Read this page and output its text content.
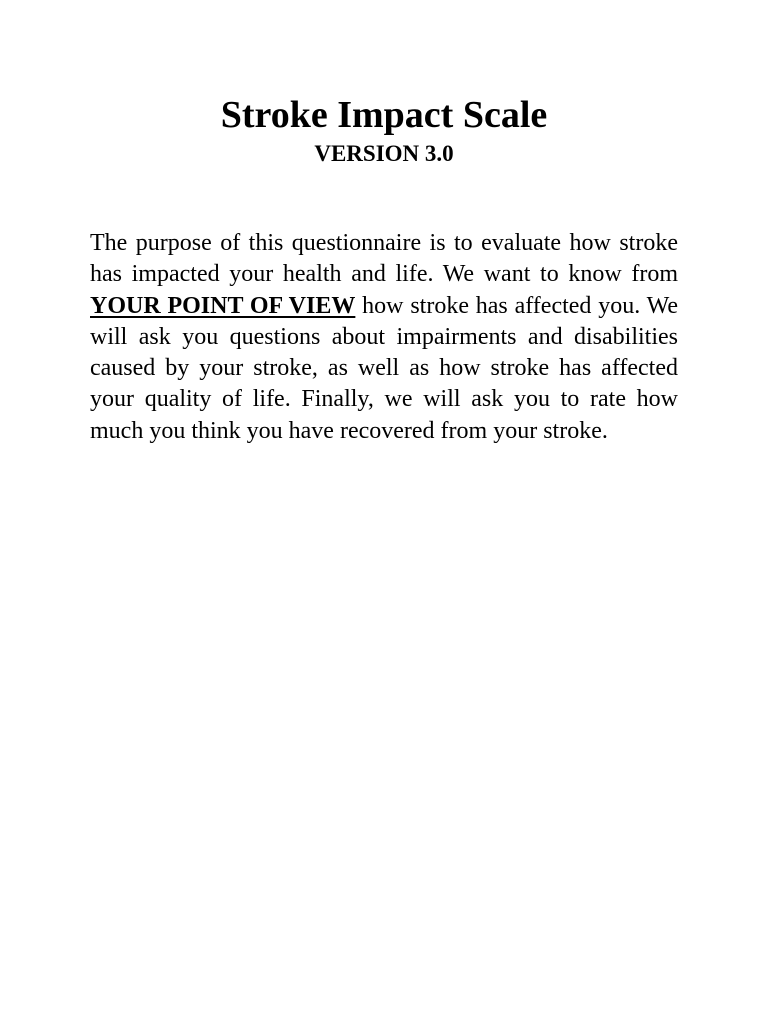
Stroke Impact Scale
VERSION 3.0

The purpose of this questionnaire is to evaluate how stroke has impacted your health and life. We want to know from YOUR POINT OF VIEW how stroke has affected you. We will ask you questions about impairments and disabilities caused by your stroke, as well as how stroke has affected your quality of life. Finally, we will ask you to rate how much you think you have recovered from your stroke.
